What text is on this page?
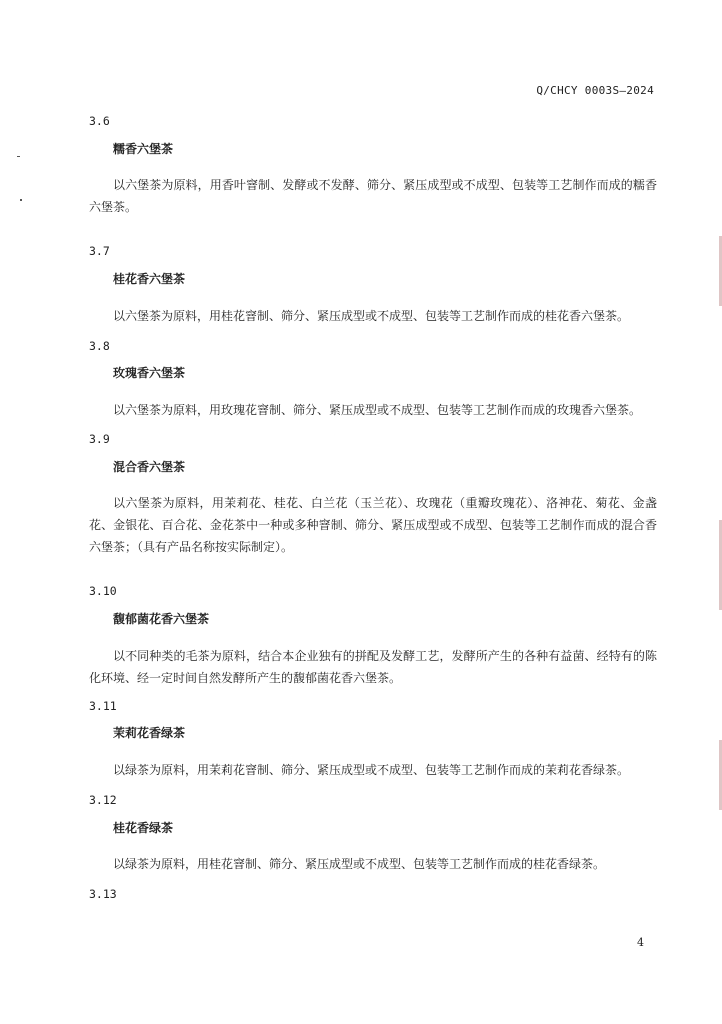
Q/CHCY 0003S—2024
3.6
糯香六堡茶

以六堡茶为原料，用香叶窨制、发酵或不发酵、筛分、紧压成型或不成型、包装等工艺制作而成的糯香六堡茶。

3.7
桂花香六堡茶

以六堡茶为原料，用桂花窨制、筛分、紧压成型或不成型、包装等工艺制作而成的桂花香六堡茶。

3.8
玫瑰香六堡茶

以六堡茶为原料，用玫瑰花窨制、筛分、紧压成型或不成型、包装等工艺制作而成的玫瑰香六堡茶。

3.9
混合香六堡茶

以六堡茶为原料，用茉莉花、桂花、白兰花（玉兰花）、玫瑰花（重瓣玫瑰花）、洛神花、菊花、金盏花、金银花、百合花、金花茶中一种或多种窨制、筛分、紧压成型或不成型、包装等工艺制作而成的混合香六堡茶；（具有产品名称按实际制定）。

3.10
馥郁菌花香六堡茶

以不同种类的毛茶为原料，结合本企业独有的拼配及发酵工艺，发酵所产生的各种有益菌、经特有的陈化环境、经一定时间自然发酵所产生的馥郁菌花香六堡茶。

3.11
茉莉花香绿茶

以绿茶为原料，用茉莉花窨制、筛分、紧压成型或不成型、包装等工艺制作而成的茉莉花香绿茶。

3.12
桂花香绿茶

以绿茶为原料，用桂花窨制、筛分、紧压成型或不成型、包装等工艺制作而成的桂花香绿茶。

3.13
4
